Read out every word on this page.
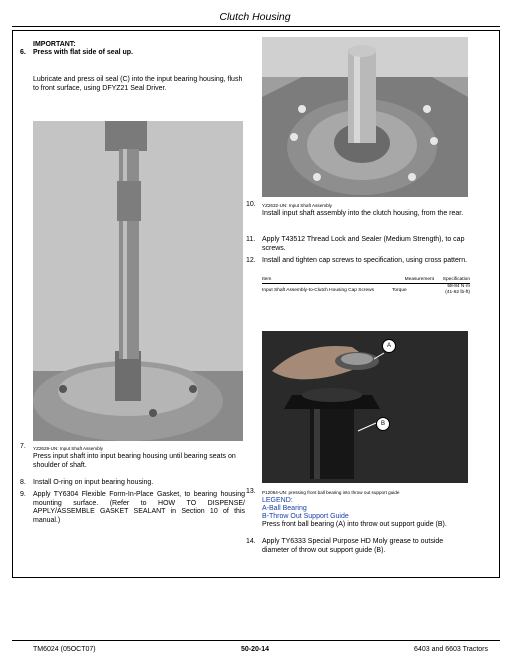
Clutch Housing
IMPORTANT:
6. Press with flat side of seal up.
Lubricate and press oil seal (C) into the input bearing housing, flush to front surface, using DFYZ21 Seal Driver.
7. YZ2629-UN: Input Shaft Assembly
Press input shaft into input bearing housing until bearing seats on shoulder of shaft.
8. Install O-ring on input bearing housing.
9. Apply TY6304 Flexible Form-In-Place Gasket, to bearing housing mounting surface. (Refer to HOW TO DISPENSE/ APPLY/ASSEMBLE GASKET SEALANT in Section 10 of this manual.)
10. YZ2632-UN: Input Shaft Assembly
Install input shaft assembly into the clutch housing, from the rear.
11. Apply T43512 Thread Lock and Sealer (Medium Strength), to cap screws.
12. Install and tighten cap screws to specification, using cross pattern.
Item	Measurement	Specification
Input Shaft Assembly-to-Clutch Housing Cap Screws	Torque	58-84 N·m
(41-62 lb-ft)
A
B
13. P12064-UN: pressing front ball bearing into throw out support guide
LEGEND:
A-Ball Bearing
B-Throw Out Support Guide
Press front ball bearing (A) into throw out support guide (B).
14. Apply TY6333 Special Purpose HD Moly grease to outside diameter of throw out support guide (B).
TM6024 (05OCT07)	50-20-14	6403 and 6603 Tractors
